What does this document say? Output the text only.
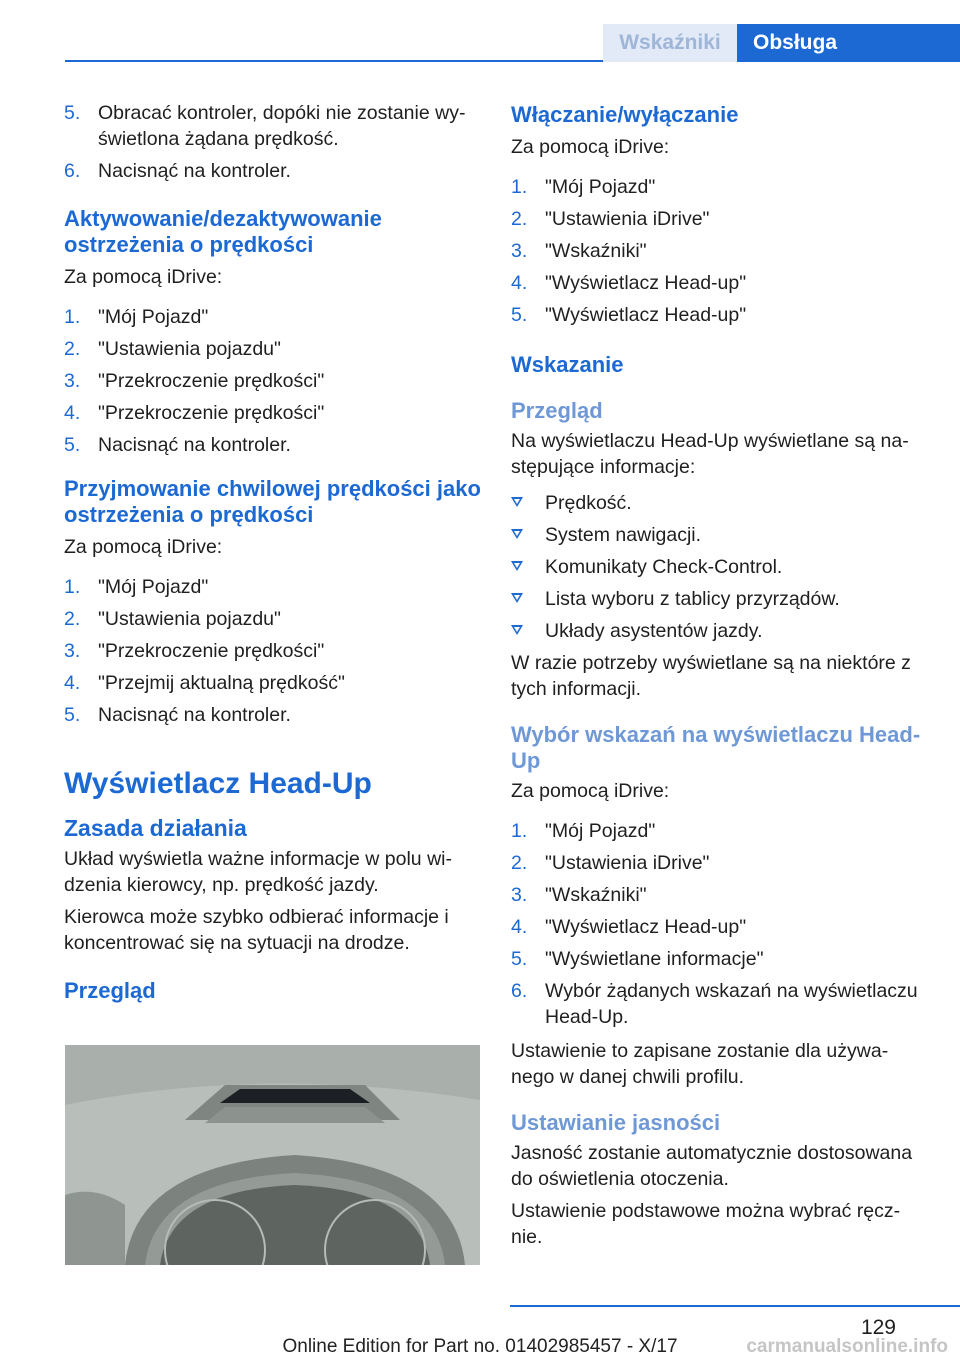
Wskaźniki	Obsługa
5. Obracać kontroler, dopóki nie zostanie wy- świetlona żądana prędkość.
6. Nacisnąć na kontroler.
Aktywowanie/dezaktywowanie ostrzeżenia o prędkości

Za pomocą iDrive:

1. "Mój Pojazd"
2. "Ustawienia pojazdu"
3. "Przekroczenie prędkości"
4. "Przekroczenie prędkości"
5. Nacisnąć na kontroler.
Przyjmowanie chwilowej prędkości jako ostrzeżenia o prędkości

Za pomocą iDrive:

1. "Mój Pojazd"
2. "Ustawienia pojazdu"
3. "Przekroczenie prędkości"
4. "Przejmij aktualną prędkość"
5. Nacisnąć na kontroler.
Wyświetlacz Head-Up
Zasada działania

Układ wyświetla ważne informacje w polu wi- dzenia kierowcy, np. prędkość jazdy.

Kierowca może szybko odbierać informacje i koncentrować się na sytuacji na drodze.

Przegląd
Włączanie/wyłączanie

Za pomocą iDrive:

1. "Mój Pojazd"
2. "Ustawienia iDrive"
3. "Wskaźniki"
4. "Wyświetlacz Head-up"
5. "Wyświetlacz Head-up"
Wskazanie
Przegląd

Na wyświetlaczu Head-Up wyświetlane są na- stępujące informacje:

Prędkość.
System nawigacji.
Komunikaty Check-Control.
Lista wyboru z tablicy przyrządów.
Układy asystentów jazdy.

W razie potrzeby wyświetlane są na niektóre z tych informacji.

Wybór wskazań na wyświetlaczu Head-Up

Za pomocą iDrive:

1. "Mój Pojazd"
2. "Ustawienia iDrive"
3. "Wskaźniki"
4. "Wyświetlacz Head-up"
5. "Wyświetlane informacje"
6. Wybór żądanych wskazań na wyświetlaczu Head-Up.

Ustawienie to zapisane zostanie dla używa- nego w danej chwili profilu.

Ustawianie jasności

Jasność zostanie automatycznie dostosowana do oświetlenia otoczenia.

Ustawienie podstawowe można wybrać ręcz- nie.

129
Online Edition for Part no. 01402985457 - X/17	carmanualsonline.info
